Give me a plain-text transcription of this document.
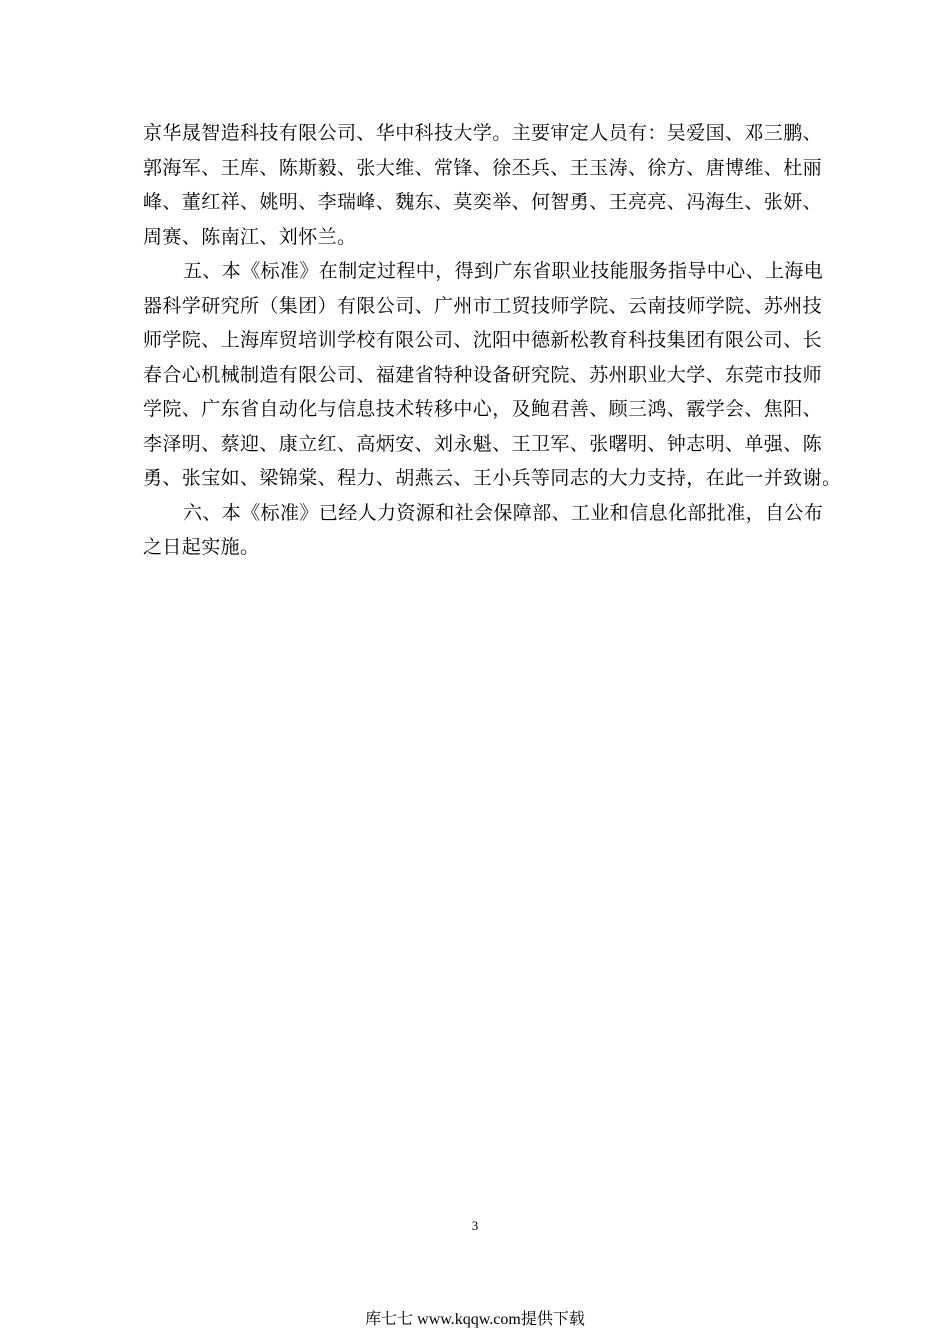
京华晟智造科技有限公司、华中科技大学。主要审定人员有：吴爱国、邓三鹏、
郭海军、王库、陈斯毅、张大维、常锋、徐丕兵、王玉涛、徐方、唐博维、杜丽
峰、董红祥、姚明、李瑞峰、魏东、莫奕举、何智勇、王亮亮、冯海生、张妍、
周赛、陈南江、刘怀兰。

五、本《标准》在制定过程中，得到广东省职业技能服务指导中心、上海电
器科学研究所（集团）有限公司、广州市工贸技师学院、云南技师学院、苏州技
师学院、上海库贸培训学校有限公司、沈阳中德新松教育科技集团有限公司、长
春合心机械制造有限公司、福建省特种设备研究院、苏州职业大学、东莞市技师
学院、广东省自动化与信息技术转移中心，及鲍君善、顾三鸿、霰学会、焦阳、
李泽明、蔡迎、康立红、高炳安、刘永魁、王卫军、张曙明、钟志明、单强、陈
勇、张宝如、梁锦棠、程力、胡燕云、王小兵等同志的大力支持，在此一并致谢。

六、本《标准》已经人力资源和社会保障部、工业和信息化部批准，自公布
之日起实施。

3
库七七 www.kqqw.com提供下载
